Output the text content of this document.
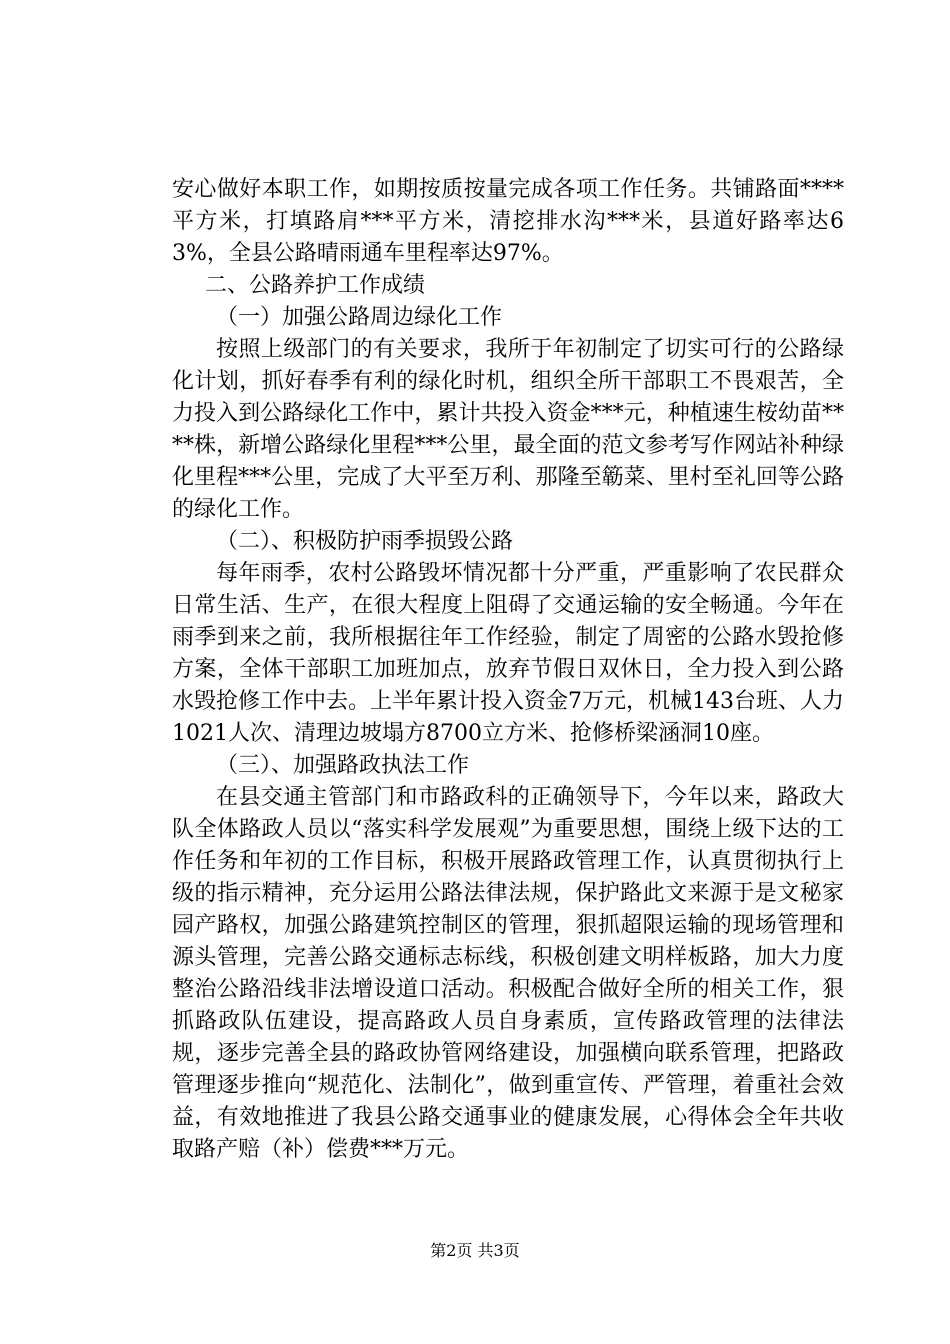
安心做好本职工作，如期按质按量完成各项工作任务。共铺路面****平方米，打填路肩***平方米，清挖排水沟***米，县道好路率达63%，全县公路晴雨通车里程率达97%。

二、公路养护工作成绩

（一）加强公路周边绿化工作

按照上级部门的有关要求，我所于年初制定了切实可行的公路绿化计划，抓好春季有利的绿化时机，组织全所干部职工不畏艰苦，全力投入到公路绿化工作中，累计共投入资金***元，种植速生桉幼苗****株，新增公路绿化里程***公里，最全面的范文参考写作网站补种绿化里程***公里，完成了大平至万利、那隆至簕菜、里村至礼回等公路的绿化工作。

（二）、积极防护雨季损毁公路

每年雨季，农村公路毁坏情况都十分严重，严重影响了农民群众日常生活、生产，在很大程度上阻碍了交通运输的安全畅通。今年在雨季到来之前，我所根据往年工作经验，制定了周密的公路水毁抢修方案，全体干部职工加班加点，放弃节假日双休日，全力投入到公路水毁抢修工作中去。上半年累计投入资金7万元，机械143台班、人力1021人次、清理边坡塌方8700立方米、抢修桥梁涵洞10座。

（三）、加强路政执法工作

在县交通主管部门和市路政科的正确领导下，今年以来，路政大队全体路政人员以“落实科学发展观”为重要思想，围绕上级下达的工作任务和年初的工作目标，积极开展路政管理工作，认真贯彻执行上级的指示精神，充分运用公路法律法规，保护路此文来源于是文秘家园产路权，加强公路建筑控制区的管理，狠抓超限运输的现场管理和源头管理，完善公路交通标志标线，积极创建文明样板路，加大力度整治公路沿线非法增设道口活动。积极配合做好全所的相关工作，狠抓路政队伍建设，提高路政人员自身素质，宣传路政管理的法律法规，逐步完善全县的路政协管网络建设，加强横向联系管理，把路政管理逐步推向“规范化、法制化”，做到重宣传、严管理，着重社会效益，有效地推进了我县公路交通事业的健康发展，心得体会全年共收取路产赔（补）偿费***万元。

第2页 共3页
